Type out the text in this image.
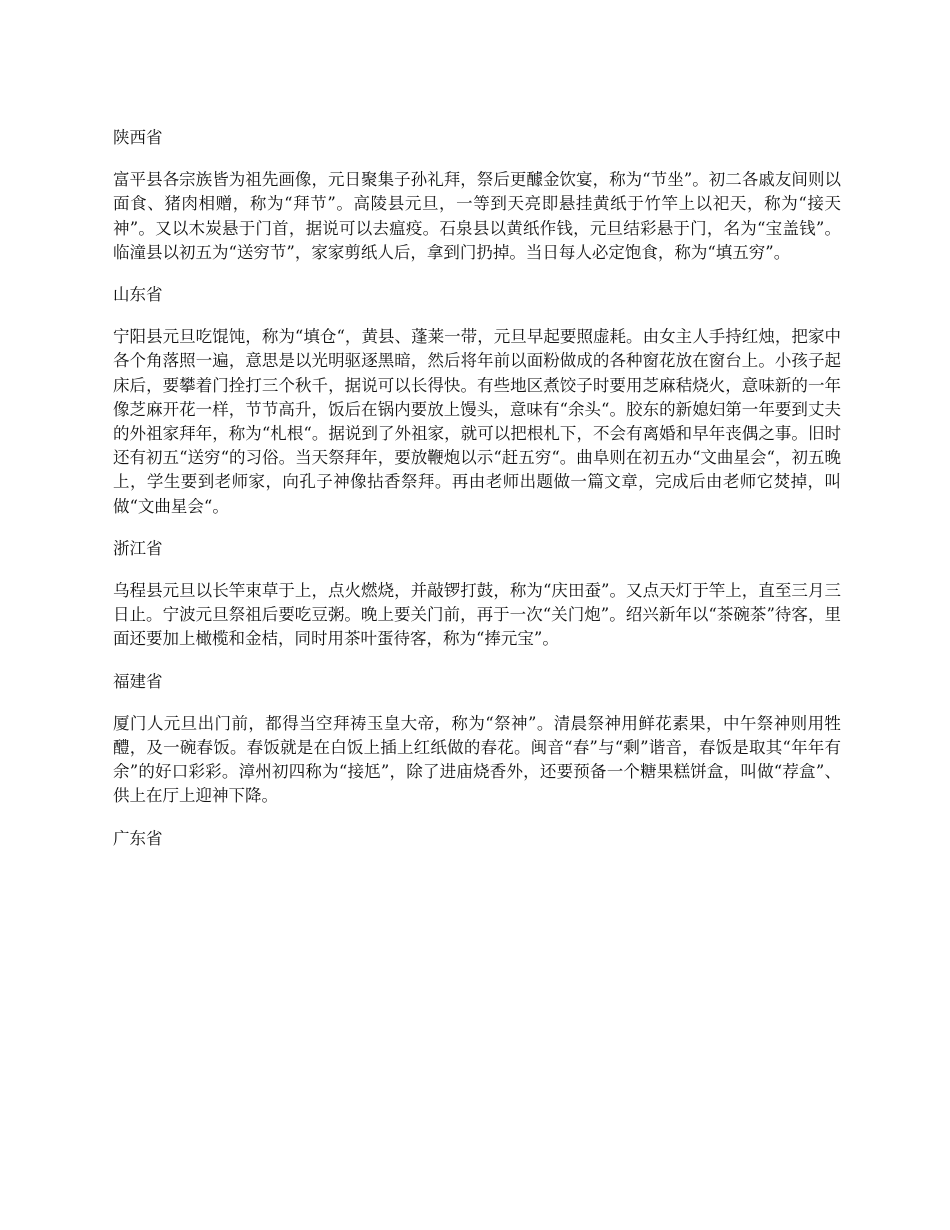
陕西省
富平县各宗族皆为祖先画像，元日聚集子孙礼拜，祭后更醵金饮宴，称为“节坐”。初二各戚友间则以面食、猪肉相赠，称为“拜节”。高陵县元旦，一等到天亮即悬挂黄纸于竹竿上以祀天，称为“接天神”。又以木炭悬于门首，据说可以去瘟疫。石泉县以黄纸作钱，元旦结彩悬于门，名为“宝盖钱”。临潼县以初五为“送穷节”，家家剪纸人后，拿到门扔掉。当日每人必定饱食，称为“填五穷”。
山东省
宁阳县元旦吃馄饨，称为“填仓“，黄县、蓬莱一带，元旦早起要照虚耗。由女主人手持红烛，把家中各个角落照一遍，意思是以光明驱逐黑暗，然后将年前以面粉做成的各种窗花放在窗台上。小孩子起床后，要攀着门拴打三个秋千，据说可以长得快。有些地区煮饺子时要用芝麻秸烧火，意味新的一年像芝麻开花一样，节节高升，饭后在锅内要放上馒头，意味有“余头“。胶东的新媳妇第一年要到丈夫的外祖家拜年，称为“札根“。据说到了外祖家，就可以把根札下，不会有离婚和早年丧偶之事。旧时还有初五“送穷“的习俗。当天祭拜年，要放鞭炮以示“赶五穷“。曲阜则在初五办“文曲星会“，初五晚上，学生要到老师家，向孔子神像拈香祭拜。再由老师出题做一篇文章，完成后由老师它焚掉，叫做“文曲星会“。
浙江省
乌程县元旦以长竿束草于上，点火燃烧，并敲锣打鼓，称为“庆田蚕”。又点天灯于竿上，直至三月三日止。宁波元旦祭祖后要吃豆粥。晚上要关门前，再于一次“关门炮”。绍兴新年以“茶碗茶”待客，里面还要加上橄榄和金桔，同时用茶叶蛋待客，称为“捧元宝”。
福建省
厦门人元旦出门前，都得当空拜祷玉皇大帝，称为“祭神”。清晨祭神用鲜花素果，中午祭神则用牲醴，及一碗春饭。春饭就是在白饭上插上红纸做的春花。闽音“春”与“剩”谐音，春饭是取其“年年有余”的好口彩彩。漳州初四称为“接尪”，除了进庙烧香外，还要预备一个糖果糕饼盒，叫做“荐盒”、供上在厅上迎神下降。
广东省
